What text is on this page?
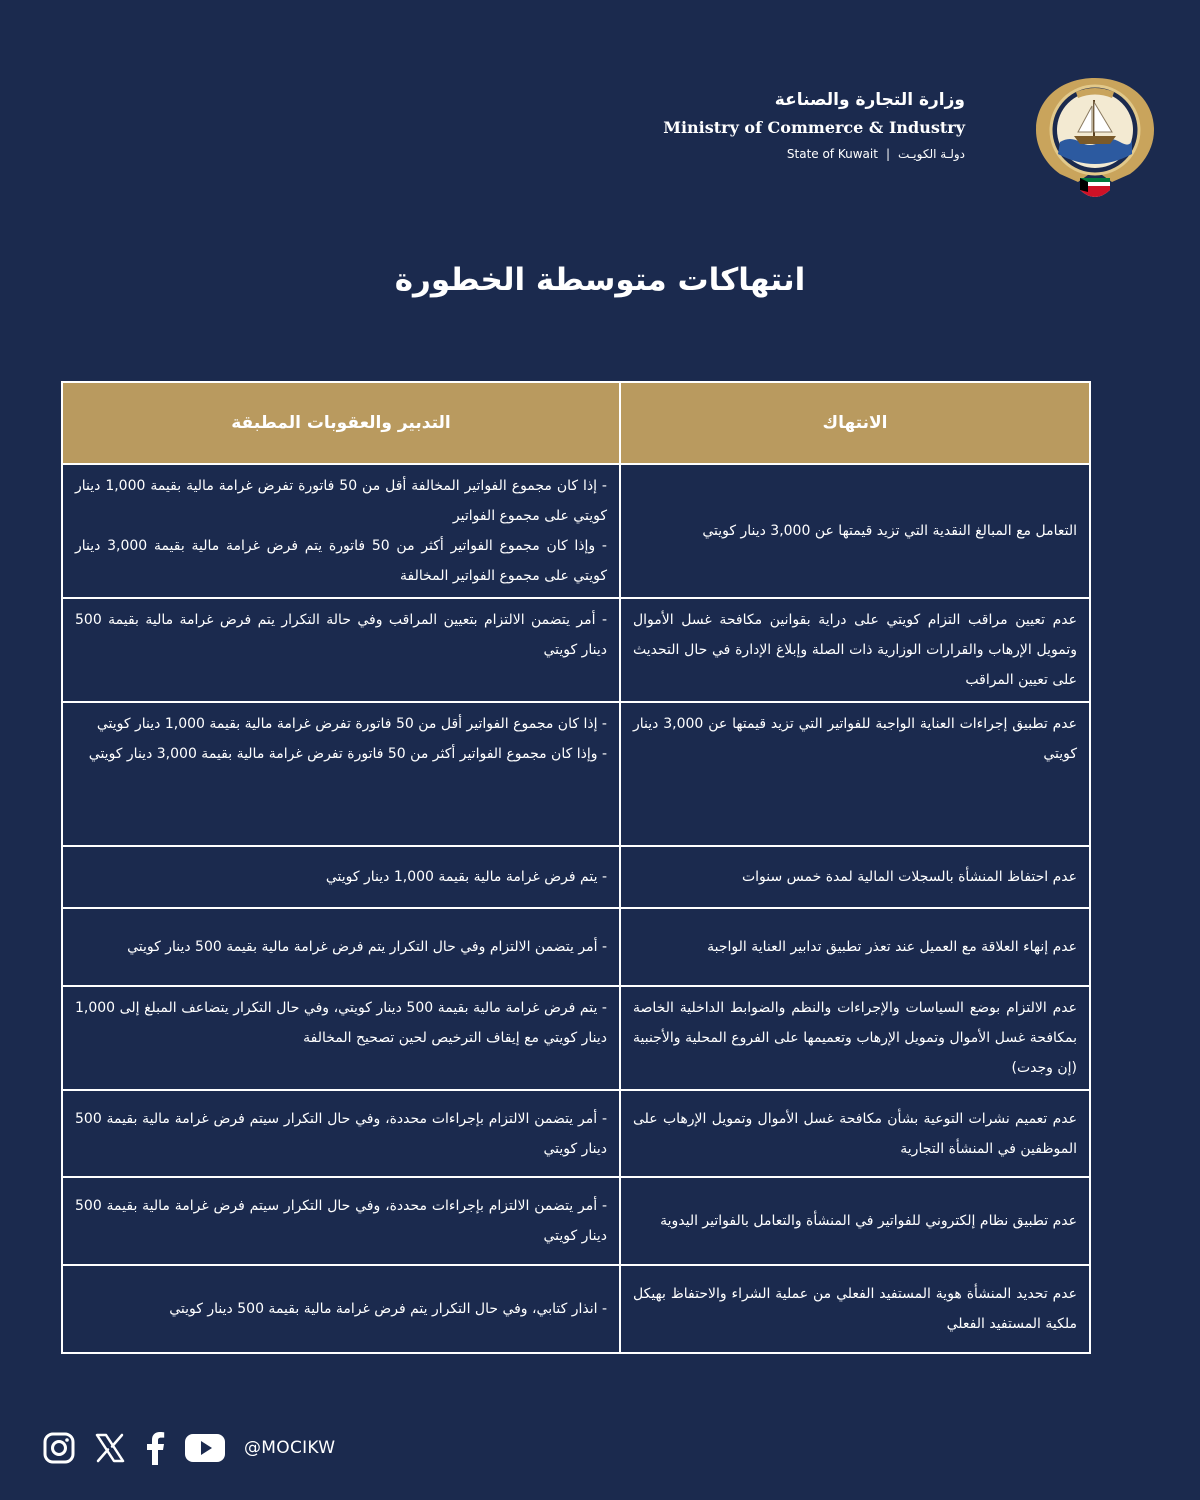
وزارة التجارة والصناعة
Ministry of Commerce & Industry
دولـة الكويـت|State of Kuwait
انتهاكات متوسطة الخطورة
الانتهاك	التدبير والعقوبات المطبقة
التعامل مع المبالغ النقدية التي تزيد قيمتها عن 3,000 دينار كويتي	- إذا كان مجموع الفواتير المخالفة أقل من 50 فاتورة تفرض غرامة مالية بقيمة 1,000 دينار كويتي على مجموع الفواتير
- وإذا كان مجموع الفواتير أكثر من 50 فاتورة يتم فرض غرامة مالية بقيمة 3,000 دينار كويتي على مجموع الفواتير المخالفة

عدم تعيين مراقب التزام كويتي على دراية بقوانين مكافحة غسل الأموال وتمويل الإرهاب والقرارات الوزارية ذات الصلة وإبلاغ الإدارة في حال التحديث على تعيين المراقب	- أمر يتضمن الالتزام بتعيين المراقب وفي حالة التكرار يتم فرض غرامة مالية بقيمة 500 دينار كويتي

عدم تطبيق إجراءات العناية الواجبة للفواتير التي تزيد قيمتها عن 3,000 دينار كويتي	- إذا كان مجموع الفواتير أقل من 50 فاتورة تفرض غرامة مالية بقيمة 1,000 دينار كويتي
- وإذا كان مجموع الفواتير أكثر من 50 فاتورة تفرض غرامة مالية بقيمة 3,000 دينار كويتي

عدم احتفاظ المنشأة بالسجلات المالية لمدة خمس سنوات	- يتم فرض غرامة مالية بقيمة 1,000 دينار كويتي

عدم إنهاء العلاقة مع العميل عند تعذر تطبيق تدابير العناية الواجبة	- أمر يتضمن الالتزام وفي حال التكرار يتم فرض غرامة مالية بقيمة 500 دينار كويتي

عدم الالتزام بوضع السياسات والإجراءات والنظم والضوابط الداخلية الخاصة بمكافحة غسل الأموال وتمويل الإرهاب وتعميمها على الفروع المحلية والأجنبية (إن وجدت)	- يتم فرض غرامة مالية بقيمة 500 دينار كويتي، وفي حال التكرار يتضاعف المبلغ إلى 1,000 دينار كويتي مع إيقاف الترخيص لحين تصحيح المخالفة

عدم تعميم نشرات التوعية بشأن مكافحة غسل الأموال وتمويل الإرهاب على الموظفين في المنشأة التجارية	- أمر يتضمن الالتزام بإجراءات محددة، وفي حال التكرار سيتم فرض غرامة مالية بقيمة 500 دينار كويتي

عدم تطبيق نظام إلكتروني للفواتير في المنشأة والتعامل بالفواتير اليدوية	- أمر يتضمن الالتزام بإجراءات محددة، وفي حال التكرار سيتم فرض غرامة مالية بقيمة 500 دينار كويتي

عدم تحديد المنشأة هوية المستفيد الفعلي من عملية الشراء والاحتفاظ بهيكل ملكية المستفيد الفعلي	- انذار كتابي، وفي حال التكرار يتم فرض غرامة مالية بقيمة 500 دينار كويتي
@MOCIKW
